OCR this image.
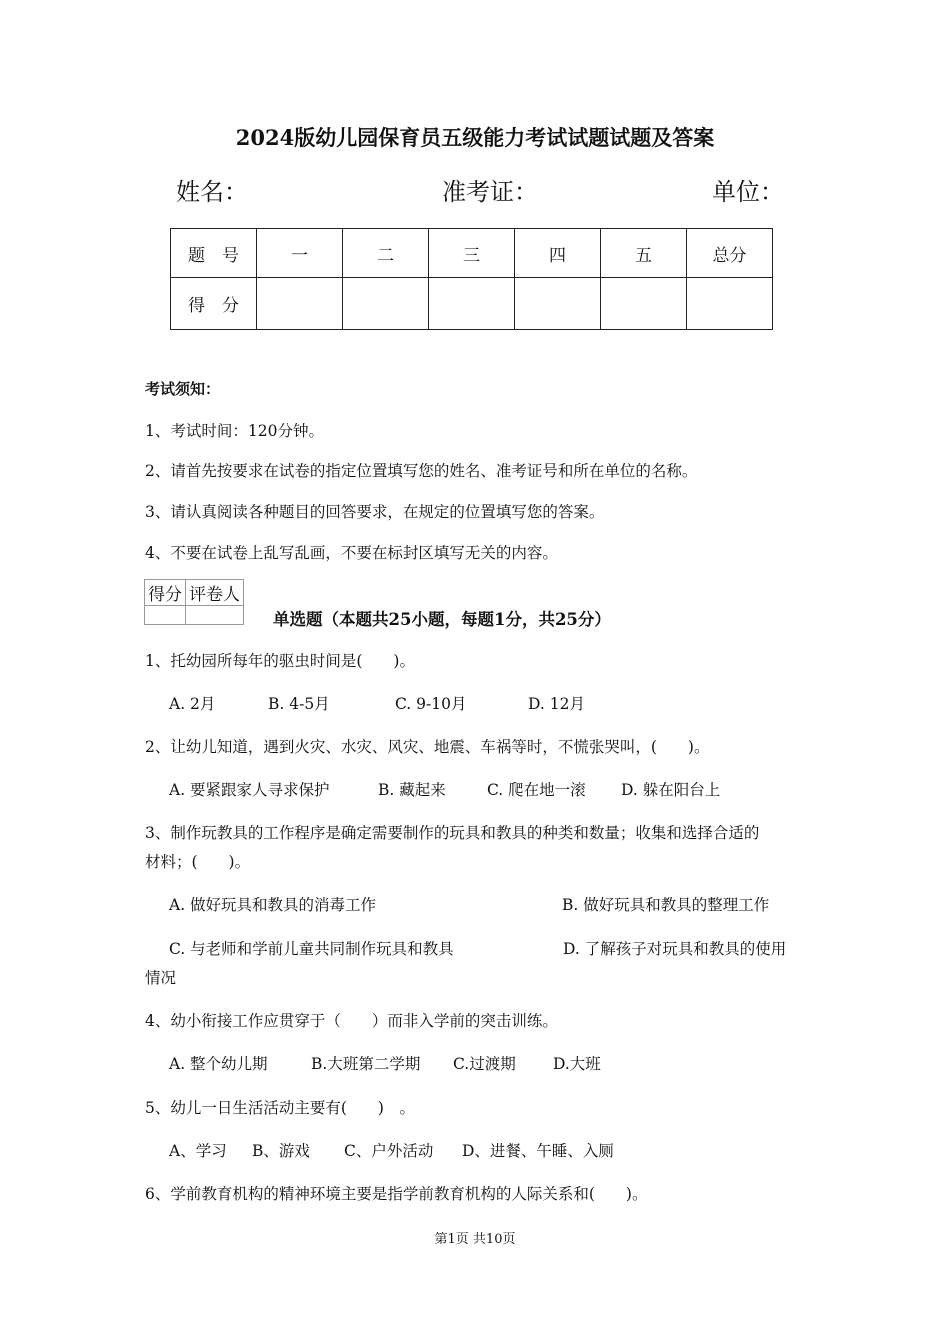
2024版幼儿园保育员五级能力考试试题试题及答案
姓名：	准考证：	单位：
题　号	一	二	三	四	五	总分
得　分						
考试须知：
1、考试时间：120分钟。
2、请首先按要求在试卷的指定位置填写您的姓名、准考证号和所在单位的名称。
3、请认真阅读各种题目的回答要求，在规定的位置填写您的答案。
4、不要在试卷上乱写乱画，不要在标封区填写无关的内容。
得分	评卷人

单选题（本题共25小题，每题1分，共25分）
1、托幼园所每年的驱虫时间是(　　)。
A. 2月	B. 4-5月	C. 9-10月	D. 12月
2、让幼儿知道，遇到火灾、水灾、风灾、地震、车祸等时，不慌张哭叫，(　　)。
A. 要紧跟家人寻求保护	B. 藏起来	C. 爬在地一滚 D. 躲在阳台上
3、制作玩教具的工作程序是确定需要制作的玩具和教具的种类和数量；收集和选择合适的
材料；(　　)。
A. 做好玩具和教具的消毒工作	B. 做好玩具和教具的整理工作
C. 与老师和学前儿童共同制作玩具和教具	D. 了解孩子对玩具和教具的使用
情况
4、幼小衔接工作应贯穿于（　　）而非入学前的突击训练。
A. 整个幼儿期	B.大班第二学期 C.过渡期 D.大班
5、幼儿一日生活活动主要有(　　)　。
A、学习 B、游戏 C、户外活动 D、进餐、午睡、入厕
6、学前教育机构的精神环境主要是指学前教育机构的人际关系和(　　)。
第1页 共10页
